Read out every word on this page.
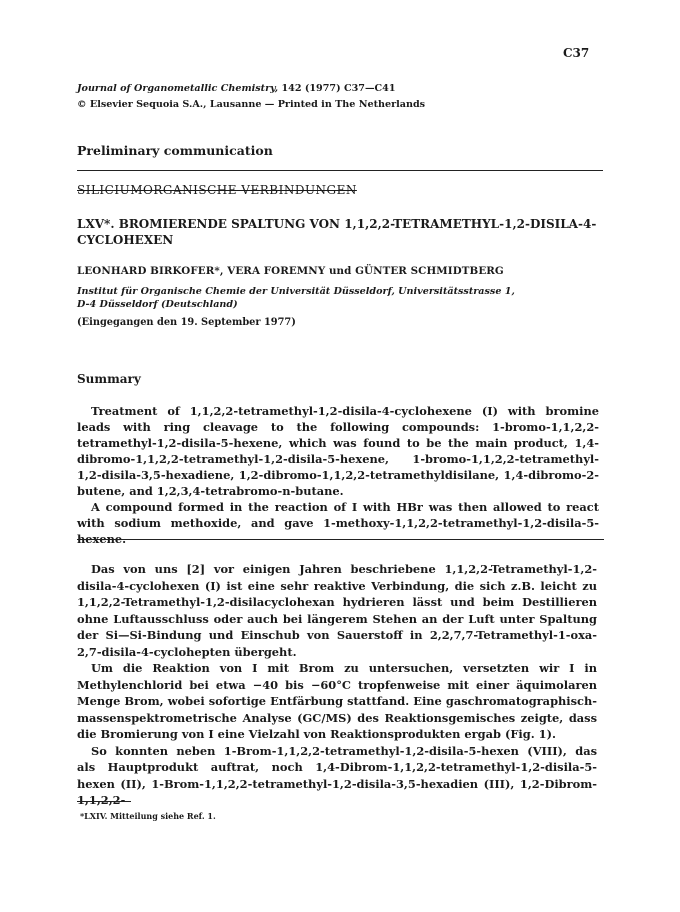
C37
Journal of Organometallic Chemistry, 142 (1977) C37—C41
© Elsevier Sequoia S.A., Lausanne — Printed in The Netherlands
Preliminary communication
SILICIUMORGANISCHE VERBINDUNGEN
LXV*. BROMIERENDE SPALTUNG VON 1,1,2,2-TETRAMETHYL-1,2-DISILA-4-CYCLOHEXEN
LEONHARD BIRKOFER*, VERA FOREMNY und GÜNTER SCHMIDTBERG
Institut für Organische Chemie der Universität Düsseldorf, Universitätsstrasse 1,
D-4 Düsseldorf (Deutschland)
(Eingegangen den 19. September 1977)
Summary

Treatment of 1,1,2,2-tetramethyl-1,2-disila-4-cyclohexene (I) with bromine leads with ring cleavage to the following compounds: 1-bromo-1,1,2,2-tetramethyl-1,2-disila-5-hexene, which was found to be the main product, 1,4-dibromo-1,1,2,2-tetramethyl-1,2-disila-5-hexene, 1-bromo-1,1,2,2-tetramethyl-1,2-disila-3,5-hexadiene, 1,2-dibromo-1,1,2,2-tetramethyldisilane, 1,4-dibromo-2-butene, and 1,2,3,4-tetrabromo-n-butane.

A compound formed in the reaction of I with HBr was then allowed to react with sodium methoxide, and gave 1-methoxy-1,1,2,2-tetramethyl-1,2-disila-5-hexene.

Das von uns [2] vor einigen Jahren beschriebene 1,1,2,2-Tetramethyl-1,2-disila-4-cyclohexen (I) ist eine sehr reaktive Verbindung, die sich z.B. leicht zu 1,1,2,2-Tetramethyl-1,2-disilacyclohexan hydrieren lässt und beim Destillieren ohne Luftausschluss oder auch bei längerem Stehen an der Luft unter Spaltung der Si—Si-Bindung und Einschub von Sauerstoff in 2,2,7,7-Tetramethyl-1-oxa-2,7-disila-4-cyclohepten übergeht.

Um die Reaktion von I mit Brom zu untersuchen, versetzten wir I in Methylenchlorid bei etwa −40 bis −60°C tropfenweise mit einer äquimolaren Menge Brom, wobei sofortige Entfärbung stattfand. Eine gaschromatographisch-massenspektrometrische Analyse (GC/MS) des Reaktionsgemisches zeigte, dass die Bromierung von I eine Vielzahl von Reaktionsprodukten ergab (Fig. 1).

So konnten neben 1-Brom-1,1,2,2-tetramethyl-1,2-disila-5-hexen (VIII), das als Hauptprodukt auftrat, noch 1,4-Dibrom-1,1,2,2-tetramethyl-1,2-disila-5-hexen (II), 1-Brom-1,1,2,2-tetramethyl-1,2-disila-3,5-hexadien (III), 1,2-Dibrom-1,1,2,2-

*LXIV. Mitteilung siehe Ref. 1.
